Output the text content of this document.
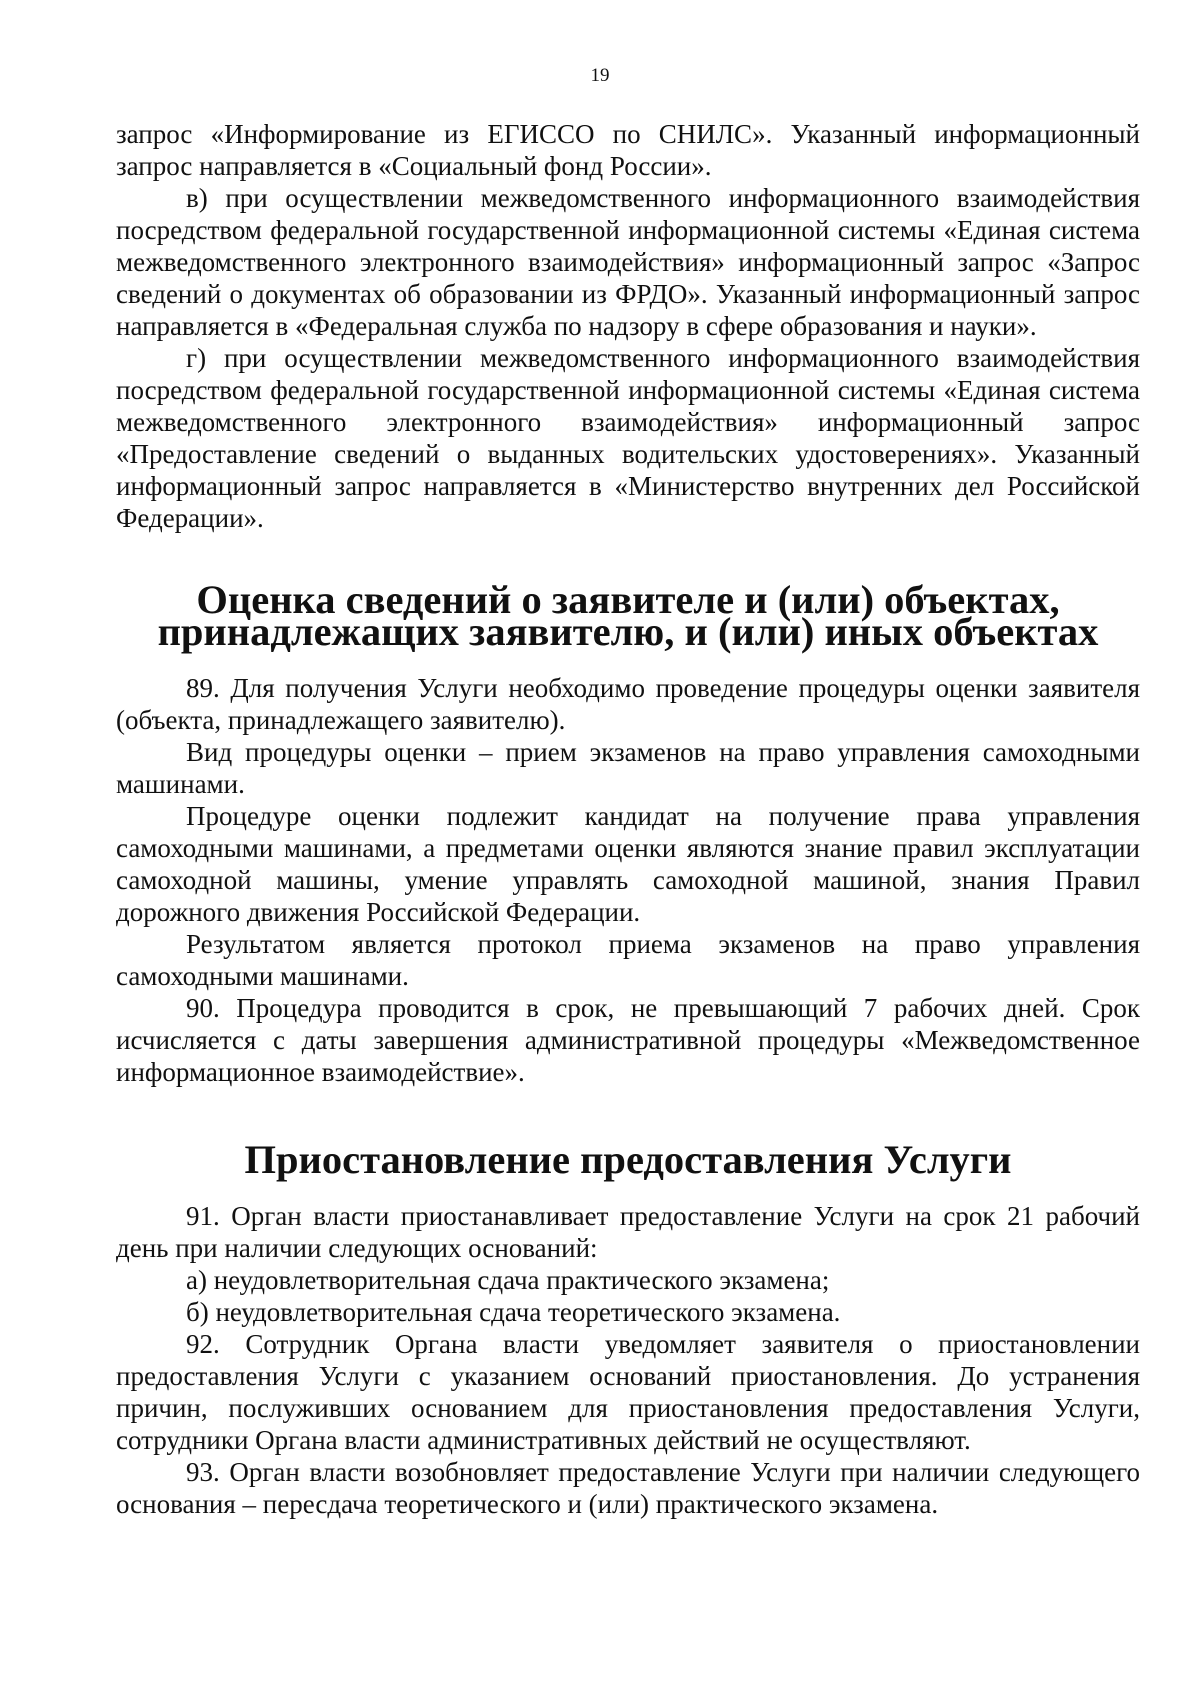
19

запрос «Информирование из ЕГИССО по СНИЛС». Указанный информационный запрос направляется в «Социальный фонд России».

в) при осуществлении межведомственного информационного взаимодействия посредством федеральной государственной информационной системы «Единая система межведомственного электронного взаимодействия» информационный запрос «Запрос сведений о документах об образовании из ФРДО». Указанный информационный запрос направляется в «Федеральная служба по надзору в сфере образования и науки».

г) при осуществлении межведомственного информационного взаимодействия посредством федеральной государственной информационной системы «Единая система межведомственного электронного взаимодействия» информационный запрос «Предоставление сведений о выданных водительских удостоверениях». Указанный информационный запрос направляется в «Министерство внутренних дел Российской Федерации».

Оценка сведений о заявителе и (или) объектах, принадлежащих заявителю, и (или) иных объектах

89. Для получения Услуги необходимо проведение процедуры оценки заявителя (объекта, принадлежащего заявителю).

Вид процедуры оценки – прием экзаменов на право управления самоходными машинами.

Процедуре оценки подлежит кандидат на получение права управления самоходными машинами, а предметами оценки являются знание правил эксплуатации самоходной машины, умение управлять самоходной машиной, знания Правил дорожного движения Российской Федерации.

Результатом является протокол приема экзаменов на право управления самоходными машинами.

90. Процедура проводится в срок, не превышающий 7 рабочих дней. Срок исчисляется с даты завершения административной процедуры «Межведомственное информационное взаимодействие».

Приостановление предоставления Услуги

91. Орган власти приостанавливает предоставление Услуги на срок 21 рабочий день при наличии следующих оснований:

а) неудовлетворительная сдача практического экзамена;

б) неудовлетворительная сдача теоретического экзамена.

92. Сотрудник Органа власти уведомляет заявителя о приостановлении предоставления Услуги с указанием оснований приостановления. До устранения причин, послуживших основанием для приостановления предоставления Услуги, сотрудники Органа власти административных действий не осуществляют.

93. Орган власти возобновляет предоставление Услуги при наличии следующего основания – пересдача теоретического и (или) практического экзамена.
